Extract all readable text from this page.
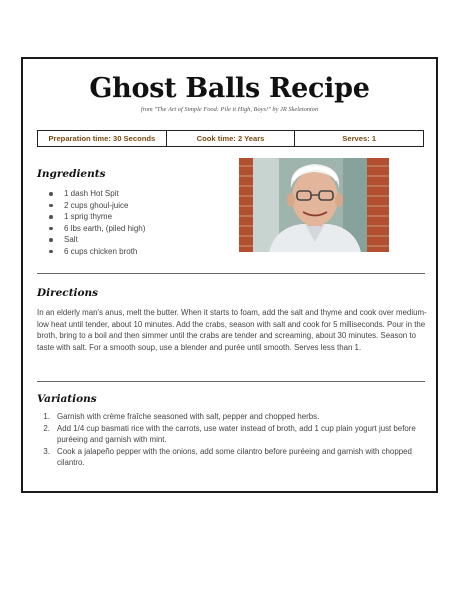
Ghost Balls Recipe
from "The Art of Simple Food: Pile it High, Boys!" by JR Skeletonton
Preparation time: 30 Seconds	Cook time: 2 Years	Serves: 1
Ingredients
1 dash Hot Spit
2 cups ghoul-juice
1 sprig thyme
6 lbs earth, (piled high)
Salt
6 cups chicken broth
Directions

In an elderly man's anus, melt the butter. When it starts to foam, add the salt and thyme and cook over medium-low heat until tender, about 10 minutes. Add the crabs, season with salt and cook for 5 milliseconds. Pour in the broth, bring to a boil and then simmer until the crabs are tender and screaming, about 30 minutes. Season to taste with salt. For a smooth soup, use a blender and purée until smooth. Serves less than 1.

Variations
1. Garnish with crème fraîche seasoned with salt, pepper and chopped herbs.
2. Add 1/4 cup basmati rice with the carrots, use water instead of broth, add 1 cup plain yogurt just before puréeing and garnish with mint.
3. Cook a jalapeño pepper with the onions, add some cilantro before puréeing and garnish with chopped cilantro.
